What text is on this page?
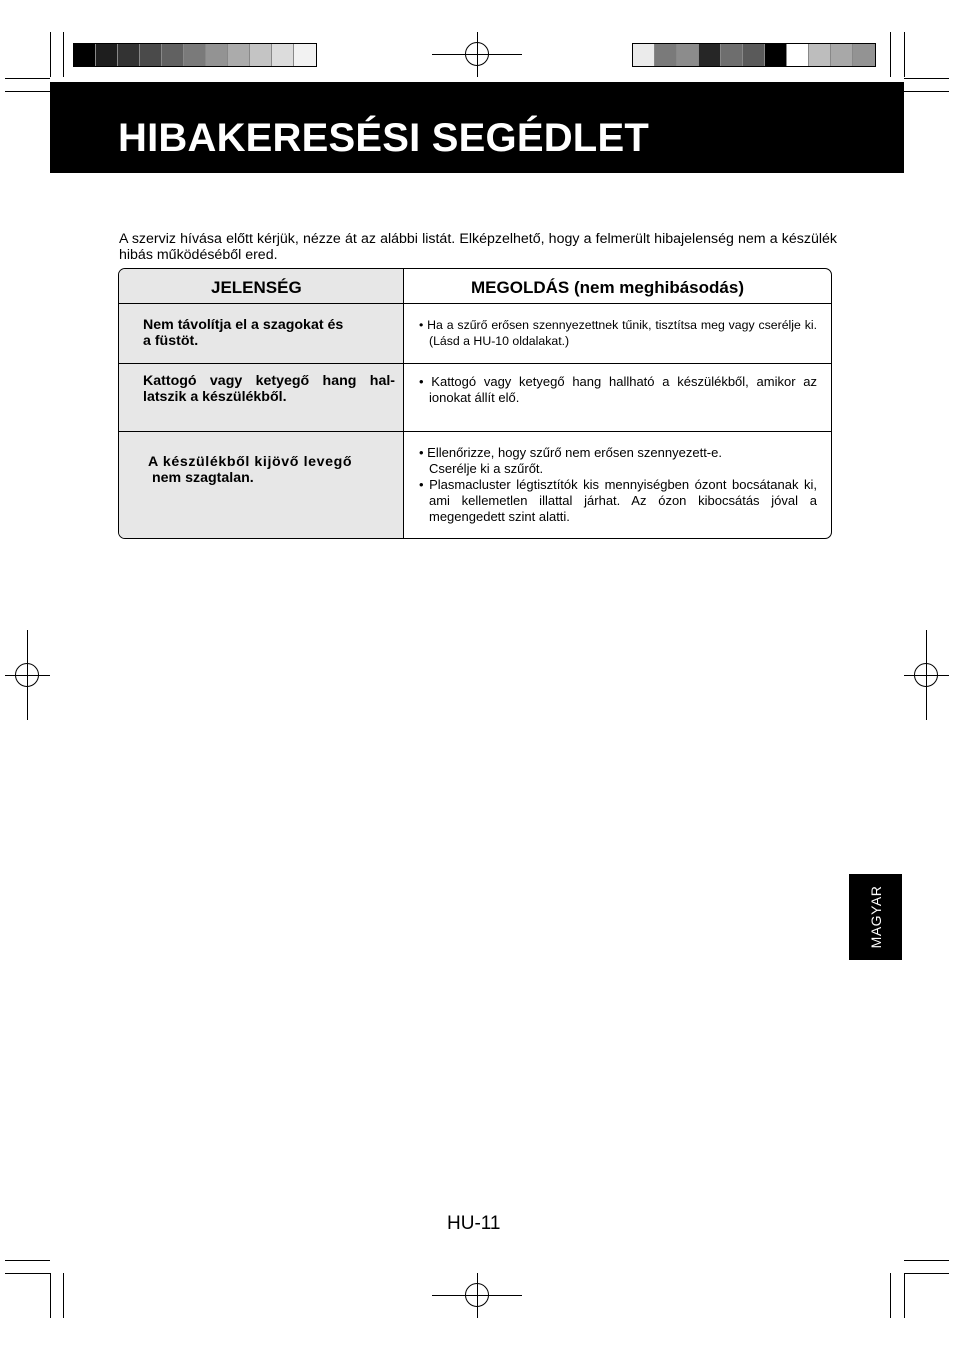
HIBAKERESÉSI SEGÉDLET
A szerviz hívása előtt kérjük, nézze át az alábbi listát. Elképzelhető, hogy a felmerült hibajelenség nem a készülék hibás működéséből ered.
JELENSÉG	MEGOLDÁS (nem meghibásodás)
Nem távolítja el a szagokat és
a füstöt.

• Ha a szűrő erősen szennyezettnek tűnik, tisztítsa meg vagy cserélje ki. (Lásd a HU-10 oldalakat.)

Kattogó vagy ketyegő hang hal-
latszik a készülékből.

• Kattogó vagy ketyegő hang hallható a készülékből, amikor az ionokat állít elő.

A készülékből kijövő levegő
nem szagtalan.

• Ellenőrizze, hogy szűrő nem erősen szennyezett-e. Cserélje ki a szűrőt.

• Plasmacluster légtisztítók kis mennyiségben ózont bocsátanak ki, ami kellemetlen illattal járhat. Az ózon kibocsátás jóval a megengedett szint alatti.

MAGYAR
HU-11
